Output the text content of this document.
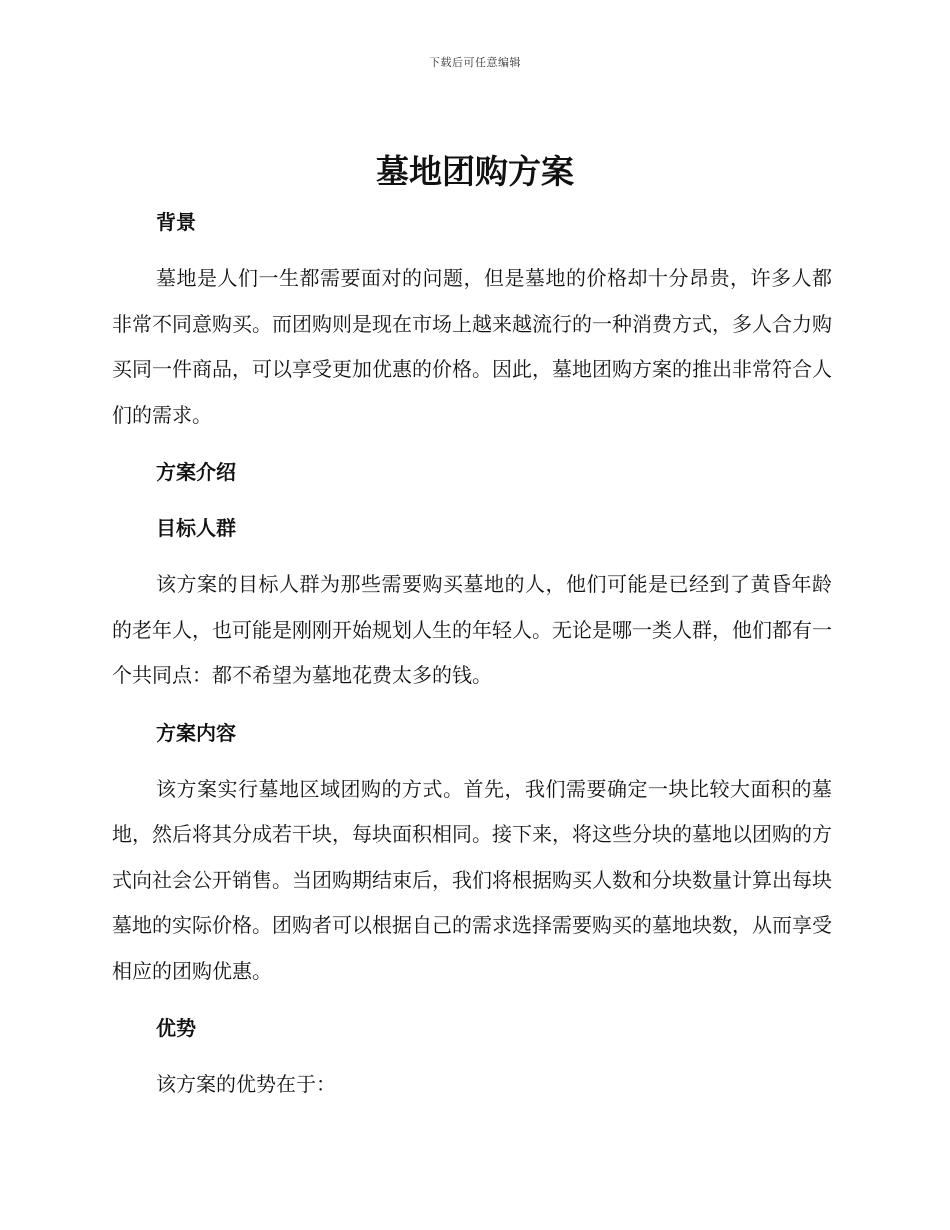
下载后可任意编辑
墓地团购方案
背景

墓地是人们一生都需要面对的问题，但是墓地的价格却十分昂贵，许多人都非常不同意购买。而团购则是现在市场上越来越流行的一种消费方式，多人合力购买同一件商品，可以享受更加优惠的价格。因此，墓地团购方案的推出非常符合人们的需求。

方案介绍
目标人群

该方案的目标人群为那些需要购买墓地的人，他们可能是已经到了黄昏年龄的老年人，也可能是刚刚开始规划人生的年轻人。无论是哪一类人群，他们都有一个共同点：都不希望为墓地花费太多的钱。

方案内容

该方案实行墓地区域团购的方式。首先，我们需要确定一块比较大面积的墓地，然后将其分成若干块，每块面积相同。接下来，将这些分块的墓地以团购的方式向社会公开销售。当团购期结束后，我们将根据购买人数和分块数量计算出每块墓地的实际价格。团购者可以根据自己的需求选择需要购买的墓地块数，从而享受相应的团购优惠。

优势

该方案的优势在于：
